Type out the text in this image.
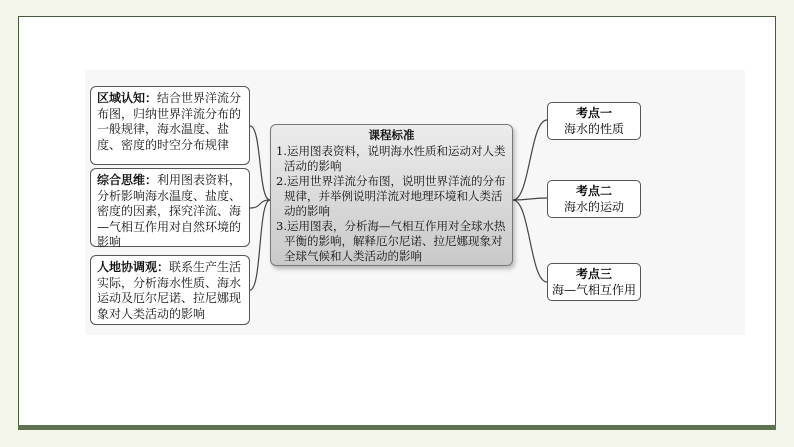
区域认知：结合世界洋流分布图，归纳世界洋流分布的一般规律，海水温度、盐度、密度的时空分布规律
综合思维：利用图表资料，分析影响海水温度、盐度、密度的因素，探究洋流、海—气相互作用对自然环境的影响
人地协调观：联系生产生活实际，分析海水性质、海水运动及厄尔尼诺、拉尼娜现象对人类活动的影响
课程标准
1.运用图表资料，说明海水性质和运动对人类活动的影响
2.运用世界洋流分布图，说明世界洋流的分布规律，并举例说明洋流对地理环境和人类活动的影响
3.运用图表，分析海—气相互作用对全球水热平衡的影响，解释厄尔尼诺、拉尼娜现象对全球气候和人类活动的影响
考点一
海水的性质
考点二
海水的运动
考点三
海—气相互作用
